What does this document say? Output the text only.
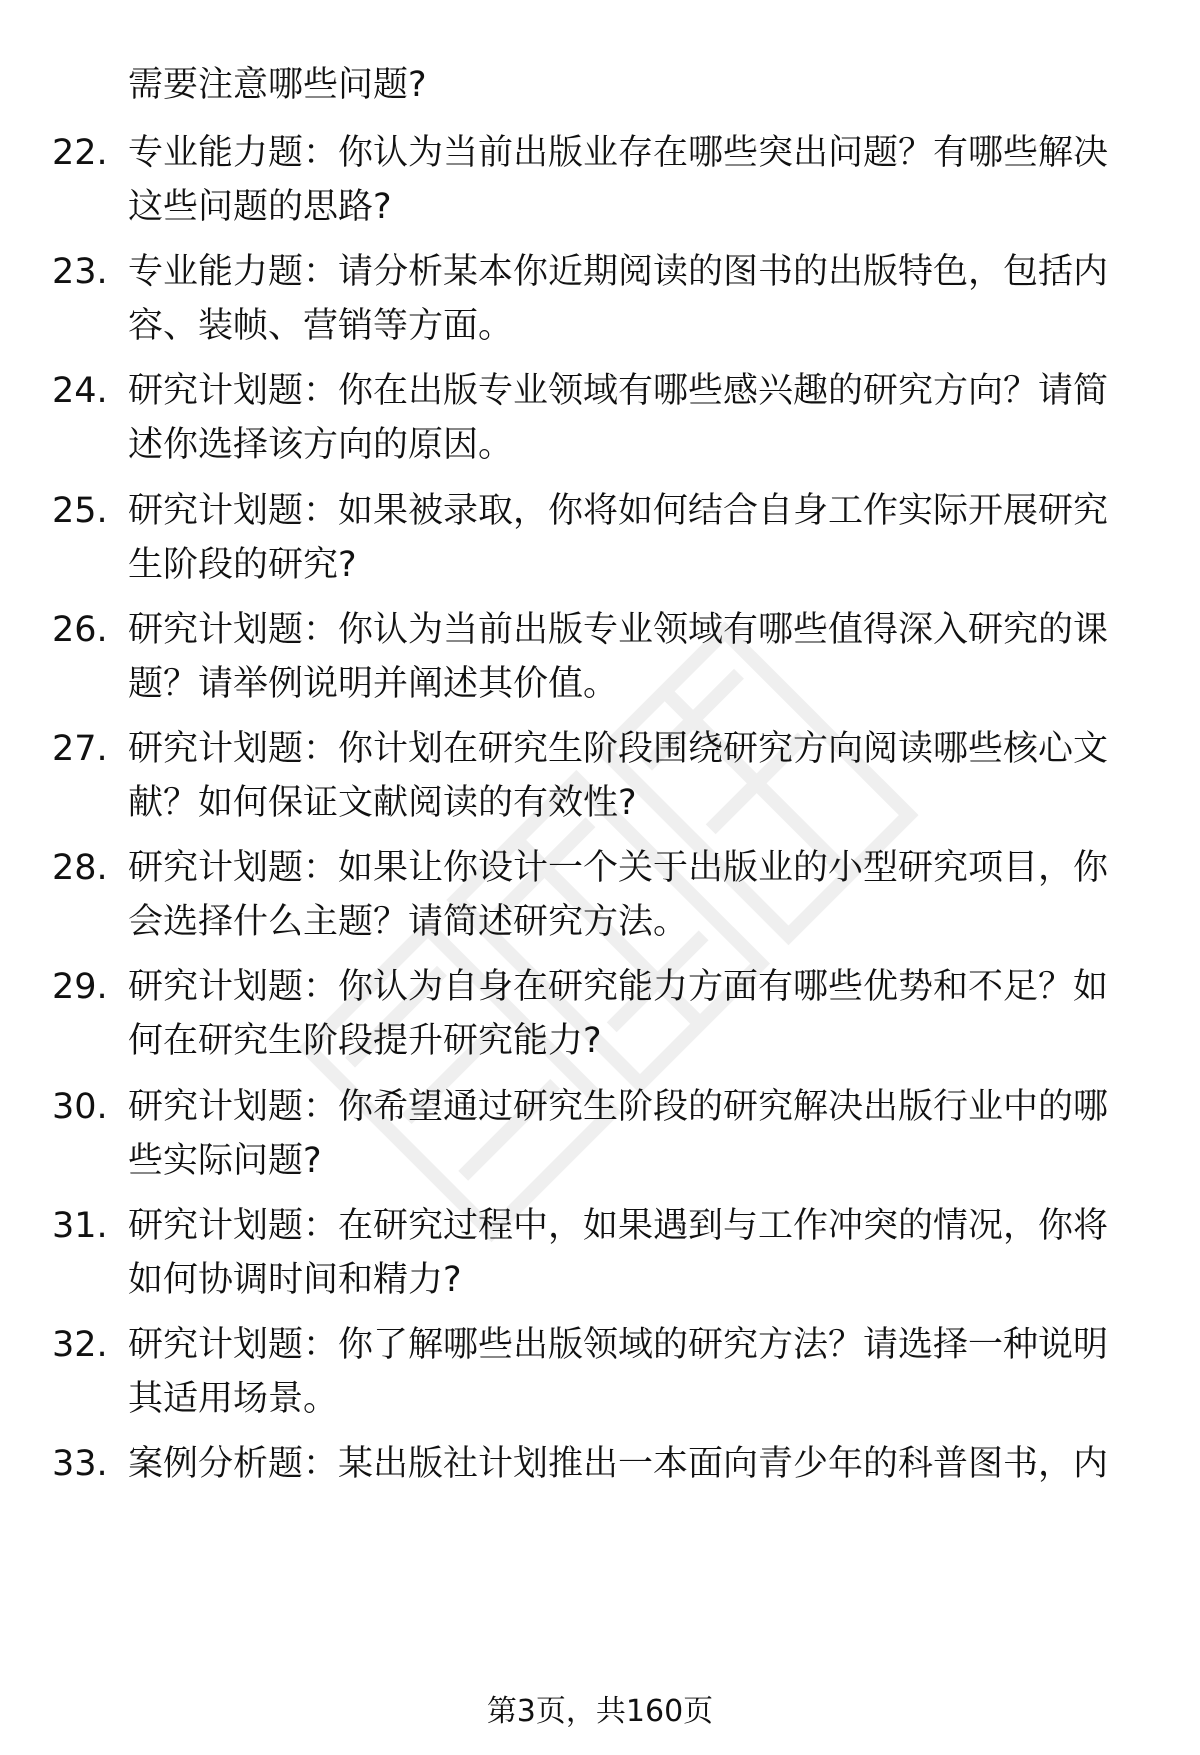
需要注意哪些问题?
22. 专业能力题：你认为当前出版业存在哪些突出问题？有哪些解决
这些问题的思路?
23. 专业能力题：请分析某本你近期阅读的图书的出版特色，包括内
容、装帧、营销等方面。
24. 研究计划题：你在出版专业领域有哪些感兴趣的研究方向？请简
述你选择该方向的原因。
25. 研究计划题：如果被录取，你将如何结合自身工作实际开展研究
生阶段的研究?
26. 研究计划题：你认为当前出版专业领域有哪些值得深入研究的课
题？请举例说明并阐述其价值。
27. 研究计划题：你计划在研究生阶段围绕研究方向阅读哪些核心文
献？如何保证文献阅读的有效性?
28. 研究计划题：如果让你设计一个关于出版业的小型研究项目，你
会选择什么主题？请简述研究方法。
29. 研究计划题：你认为自身在研究能力方面有哪些优势和不足？如
何在研究生阶段提升研究能力?
30. 研究计划题：你希望通过研究生阶段的研究解决出版行业中的哪
些实际问题?
31. 研究计划题：在研究过程中，如果遇到与工作冲突的情况，你将
如何协调时间和精力?
32. 研究计划题：你了解哪些出版领域的研究方法？请选择一种说明
其适用场景。
33. 案例分析题：某出版社计划推出一本面向青少年的科普图书，内
第3页，共160页
